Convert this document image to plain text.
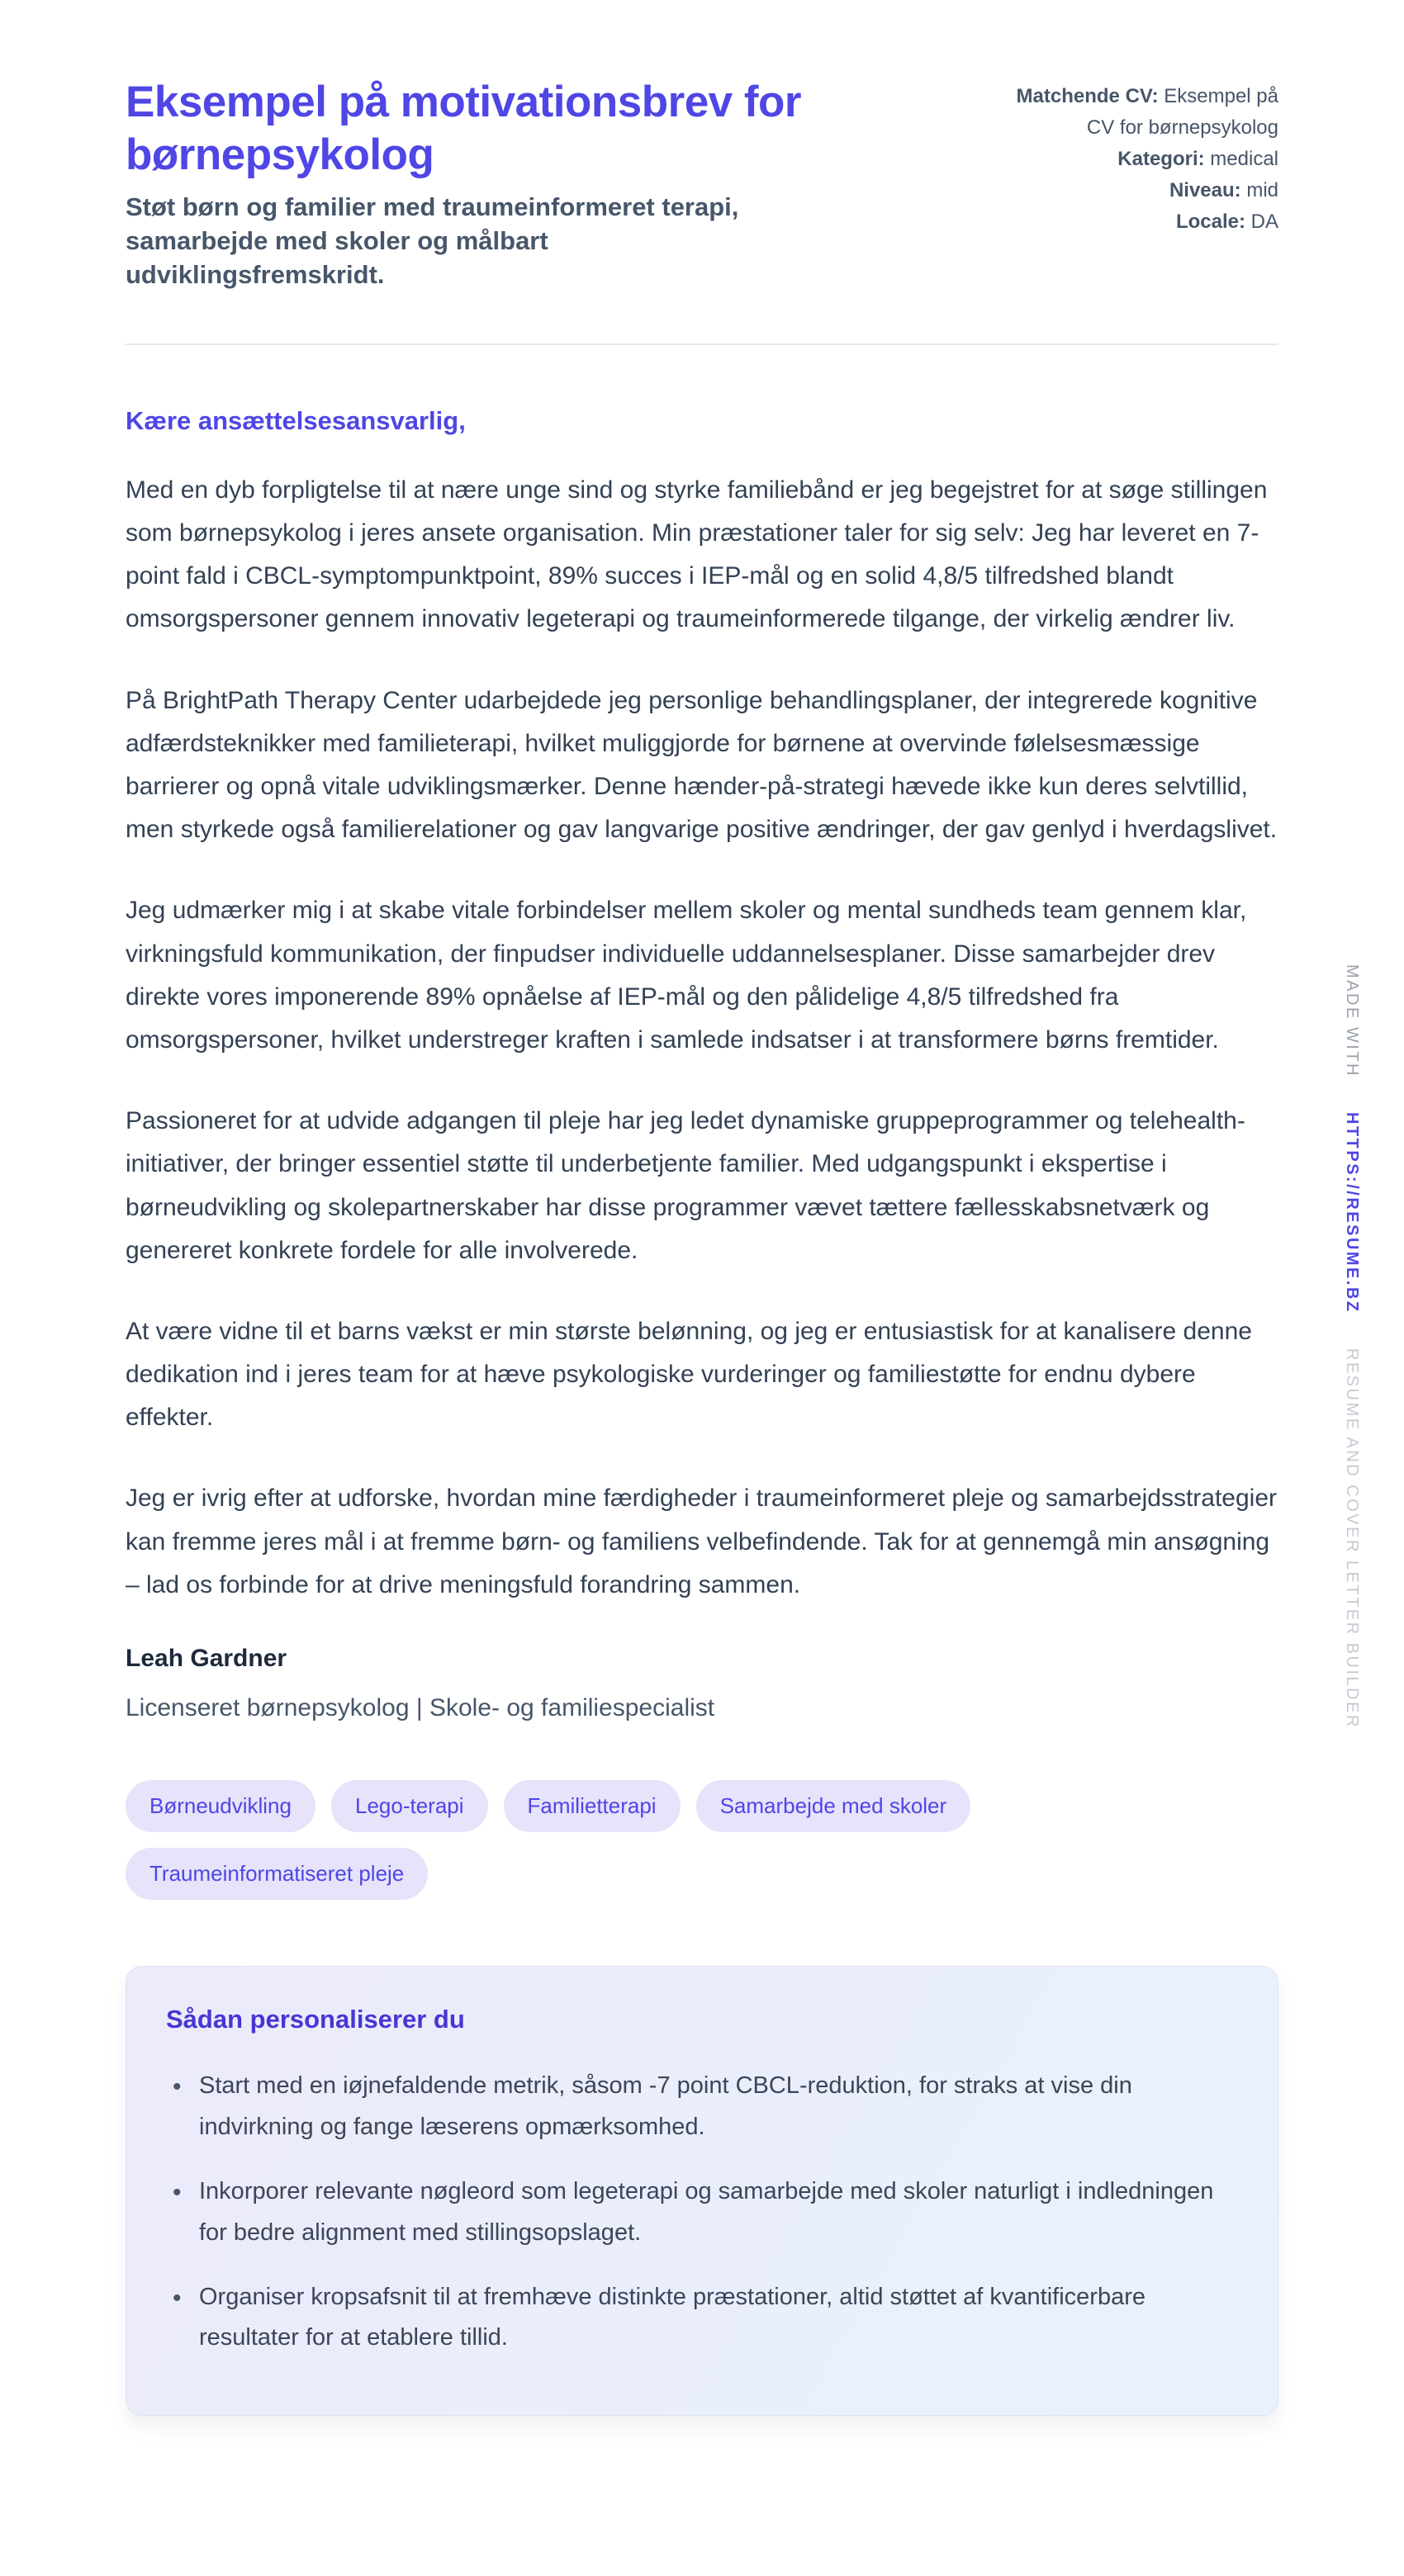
Eksempel på motivationsbrev for børnepsykolog

Støt børn og familier med traumeinformeret terapi, samarbejde med skoler og målbart udviklingsfremskridt.

Matchende CV: Eksempel på CV for børnepsykolog
Kategori: medical
Niveau: mid
Locale: DA
Kære ansættelsesansvarlig,

Med en dyb forpligtelse til at nære unge sind og styrke familiebånd er jeg begejstret for at søge stillingen som børnepsykolog i jeres ansete organisation. Min præstationer taler for sig selv: Jeg har leveret en 7-point fald i CBCL-symptompunktpoint, 89% succes i IEP-mål og en solid 4,8/5 tilfredshed blandt omsorgspersoner gennem innovativ legeterapi og traumeinformerede tilgange, der virkelig ændrer liv.

På BrightPath Therapy Center udarbejdede jeg personlige behandlingsplaner, der integrerede kognitive adfærdsteknikker med familieterapi, hvilket muliggjorde for børnene at overvinde følelsesmæssige barrierer og opnå vitale udviklingsmærker. Denne hænder-på-strategi hævede ikke kun deres selvtillid, men styrkede også familierelationer og gav langvarige positive ændringer, der gav genlyd i hverdagslivet.

Jeg udmærker mig i at skabe vitale forbindelser mellem skoler og mental sundheds team gennem klar, virkningsfuld kommunikation, der finpudser individuelle uddannelsesplaner. Disse samarbejder drev direkte vores imponerende 89% opnåelse af IEP-mål og den pålidelige 4,8/5 tilfredshed fra omsorgspersoner, hvilket understreger kraften i samlede indsatser i at transformere børns fremtider.

Passioneret for at udvide adgangen til pleje har jeg ledet dynamiske gruppeprogrammer og telehealth-initiativer, der bringer essentiel støtte til underbetjente familier. Med udgangspunkt i ekspertise i børneudvikling og skolepartnerskaber har disse programmer vævet tættere fællesskabsnetværk og genereret konkrete fordele for alle involverede.

At være vidne til et barns vækst er min største belønning, og jeg er entusiastisk for at kanalisere denne dedikation ind i jeres team for at hæve psykologiske vurderinger og familiestøtte for endnu dybere effekter.

Jeg er ivrig efter at udforske, hvordan mine færdigheder i traumeinformeret pleje og samarbejdsstrategier kan fremme jeres mål i at fremme børn- og familiens velbefindende. Tak for at gennemgå min ansøgning – lad os forbinde for at drive meningsfuld forandring sammen.

Leah Gardner
Licenseret børnepsykolog | Skole- og familiespecialist
Børneudvikling	Lego-terapi	Familietterapi	Samarbejde med skoler
Traumeinformatiseret pleje
Sådan personaliserer du
• Start med en iøjnefaldende metrik, såsom -7 point CBCL-reduktion, for straks at vise din indvirkning og fange læserens opmærksomhed.
• Inkorporer relevante nøgleord som legeterapi og samarbejde med skoler naturligt i indledningen for bedre alignment med stillingsopslaget.
• Organiser kropsafsnit til at fremhæve distinkte præstationer, altid støttet af kvantificerbare resultater for at etablere tillid.
MADE WITH HTTPS://RESUME.BZ RESUME AND COVER LETTER BUILDER
